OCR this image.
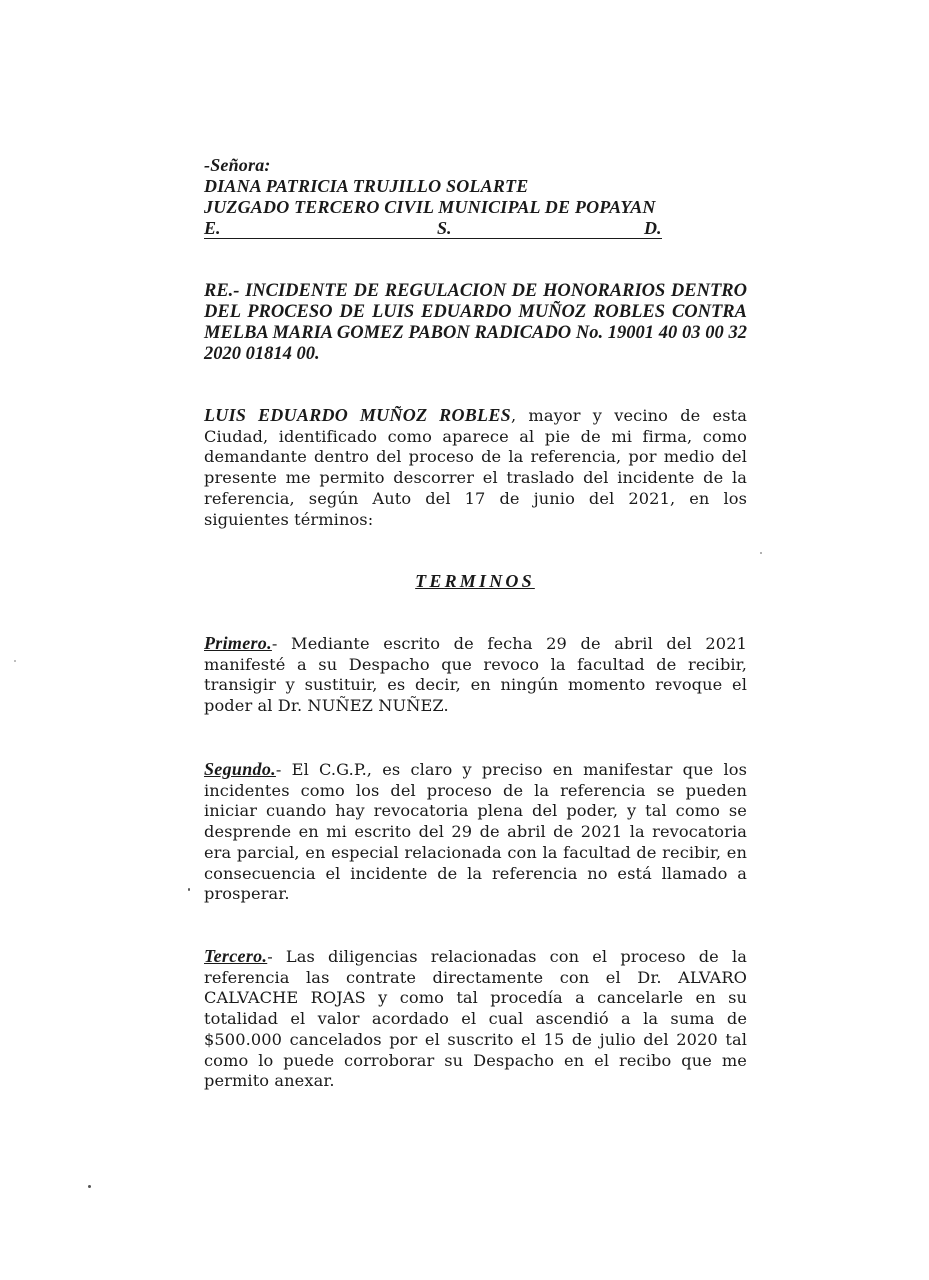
-Señora:
DIANA PATRICIA TRUJILLO SOLARTE
JUZGADO TERCERO CIVIL MUNICIPAL DE POPAYAN
E.	S.	D.
RE.- INCIDENTE DE REGULACION DE HONORARIOS DENTRO DEL PROCESO DE LUIS EDUARDO MUÑOZ ROBLES CONTRA MELBA MARIA GOMEZ PABON RADICADO No. 19001 40 03 00 32 2020 01814 00.
LUIS EDUARDO MUÑOZ ROBLES, mayor y vecino de esta Ciudad, identificado como aparece al pie de mi firma, como demandante dentro del proceso de la referencia, por medio del presente me permito descorrer el traslado del incidente de la referencia, según Auto del 17 de junio del 2021, en los siguientes términos:
TERMINOS
Primero.- Mediante escrito de fecha 29 de abril del 2021 manifesté a su Despacho que revoco la facultad de recibir, transigir y sustituir, es decir, en ningún momento revoque el poder al Dr. NUÑEZ NUÑEZ.
Segundo.- El C.G.P., es claro y preciso en manifestar que los incidentes como los del proceso de la referencia se pueden iniciar cuando hay revocatoria plena del poder, y tal como se desprende en mi escrito del 29 de abril de 2021 la revocatoria era parcial, en especial relacionada con la facultad de recibir, en consecuencia el incidente de la referencia no está llamado a prosperar.
Tercero.- Las diligencias relacionadas con el proceso de la referencia las contrate directamente con el Dr. ALVARO CALVACHE ROJAS y como tal procedía a cancelarle en su totalidad el valor acordado el cual ascendió a la suma de $500.000 cancelados por el suscrito el 15 de julio del 2020 tal como lo puede corroborar su Despacho en el recibo que me permito anexar.
